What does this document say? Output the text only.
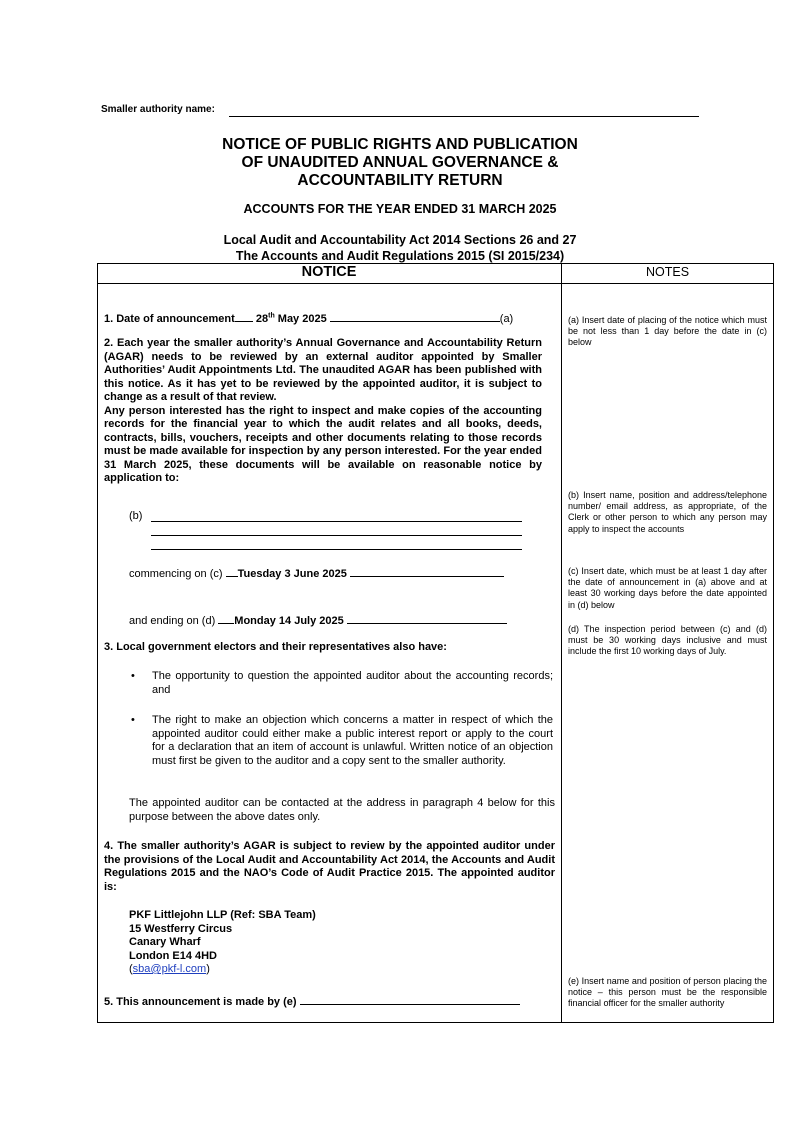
Smaller authority name:
NOTICE OF PUBLIC RIGHTS AND PUBLICATION
OF UNAUDITED ANNUAL GOVERNANCE &
ACCOUNTABILITY RETURN
ACCOUNTS FOR THE YEAR ENDED 31 MARCH 2025
Local Audit and Accountability Act 2014 Sections 26 and 27
The Accounts and Audit Regulations 2015 (SI 2015/234)
NOTICE	NOTES
1. Date of announcement 28th May 2025	(a)
2. Each year the smaller authority’s Annual Governance and Accountability Return (AGAR) needs to be reviewed by an external auditor appointed by Smaller Authorities’ Audit Appointments Ltd. The unaudited AGAR has been published with this notice. As it has yet to be reviewed by the appointed auditor, it is subject to change as a result of that review.
Any person interested has the right to inspect and make copies of the accounting records for the financial year to which the audit relates and all books, deeds, contracts, bills, vouchers, receipts and other documents relating to those records must be made available for inspection by any person interested. For the year ended 31 March 2025, these documents will be available on reasonable notice by application to:
(b)
commencing on (c) Tuesday 3 June 2025
and ending on (d) Monday 14 July 2025
3. Local government electors and their representatives also have:
• The opportunity to question the appointed auditor about the accounting records; and
• The right to make an objection which concerns a matter in respect of which the appointed auditor could either make a public interest report or apply to the court for a declaration that an item of account is unlawful. Written notice of an objection must first be given to the auditor and a copy sent to the smaller authority.
The appointed auditor can be contacted at the address in paragraph 4 below for this purpose between the above dates only.
4. The smaller authority’s AGAR is subject to review by the appointed auditor under the provisions of the Local Audit and Accountability Act 2014, the Accounts and Audit Regulations 2015 and the NAO’s Code of Audit Practice 2015. The appointed auditor is:
PKF Littlejohn LLP (Ref: SBA Team)
15 Westferry Circus
Canary Wharf
London E14 4HD
(sba@pkf-l.com)
5. This announcement is made by (e)
(a) Insert date of placing of the notice which must be not less than 1 day before the date in (c) below
(b) Insert name, position and address/telephone number/ email address, as appropriate, of the Clerk or other person to which any person may apply to inspect the accounts
(c) Insert date, which must be at least 1 day after the date of announcement in (a) above and at least 30 working days before the date appointed in (d) below
(d) The inspection period between (c) and (d) must be 30 working days inclusive and must include the first 10 working days of July.
(e) Insert name and position of person placing the notice – this person must be the responsible financial officer for the smaller authority
